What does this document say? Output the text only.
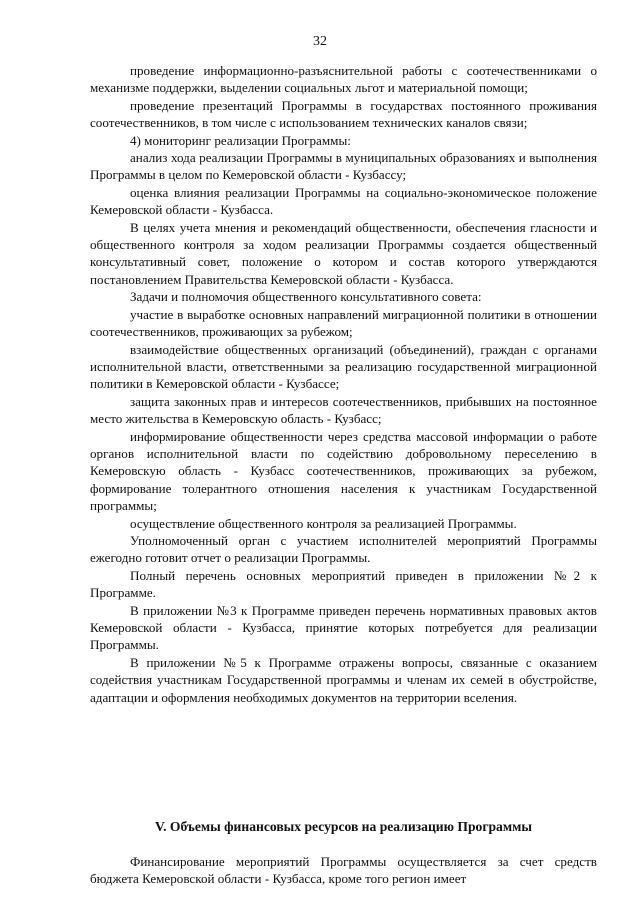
32

проведение информационно-разъяснительной работы с соотечественниками о механизме поддержки, выделении социальных льгот и материальной помощи;

проведение презентаций Программы в государствах постоянного проживания соотечественников, в том числе с использованием технических каналов связи;

4) мониторинг реализации Программы:

анализ хода реализации Программы в муниципальных образованиях и выполнения Программы в целом по Кемеровской области - Кузбассу;

оценка влияния реализации Программы на социально-экономическое положение Кемеровской области - Кузбасса.

В целях учета мнения и рекомендаций общественности, обеспечения гласности и общественного контроля за ходом реализации Программы создается общественный консультативный совет, положение о котором и состав которого утверждаются постановлением Правительства Кемеровской области - Кузбасса.

Задачи и полномочия общественного консультативного совета:

участие в выработке основных направлений миграционной политики в отношении соотечественников, проживающих за рубежом;

взаимодействие общественных организаций (объединений), граждан с органами исполнительной власти, ответственными за реализацию государственной миграционной политики в Кемеровской области - Кузбассе;

защита законных прав и интересов соотечественников, прибывших на постоянное место жительства в Кемеровскую область - Кузбасс;

информирование общественности через средства массовой информации о работе органов исполнительной власти по содействию добровольному переселению в Кемеровскую область - Кузбасс соотечественников, проживающих за рубежом, формирование толерантного отношения населения к участникам Государственной программы;

осуществление общественного контроля за реализацией Программы.

Уполномоченный орган с участием исполнителей мероприятий Программы ежегодно готовит отчет о реализации Программы.

Полный перечень основных мероприятий приведен в приложении №2 к Программе.

В приложении №3 к Программе приведен перечень нормативных правовых актов Кемеровской области - Кузбасса, принятие которых потребуется для реализации Программы.

В приложении №5 к Программе отражены вопросы, связанные с оказанием содействия участникам Государственной программы и членам их семей в обустройстве, адаптации и оформления необходимых документов на территории вселения.

V. Объемы финансовых ресурсов на реализацию Программы

Финансирование мероприятий Программы осуществляется за счет средств бюджета Кемеровской области - Кузбасса, кроме того регион имеет
